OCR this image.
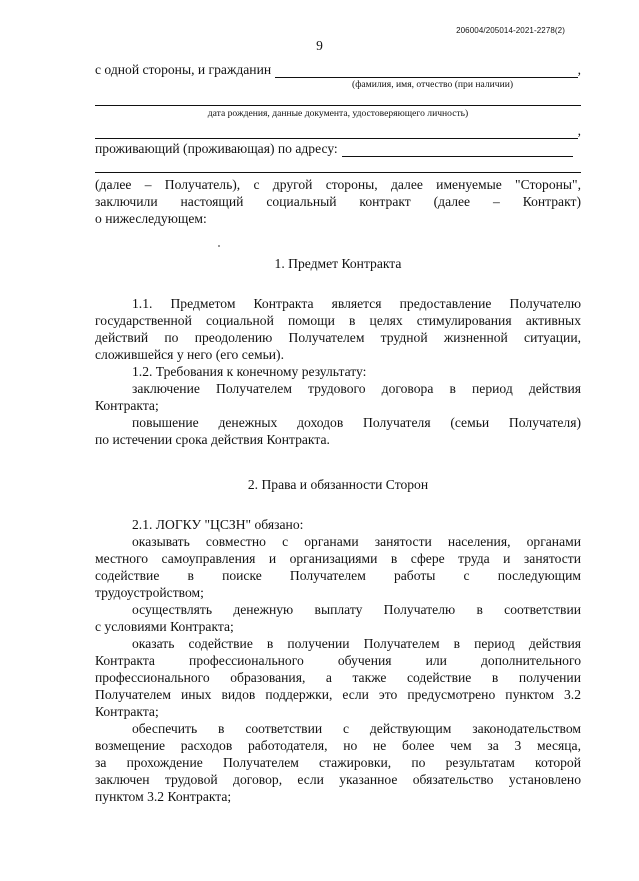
206004/205014-2021-2278(2)
9
с одной стороны, и гражданин	,
(фамилия, имя, отчество (при наличии)
дата рождения, данные документа, удостоверяющего личность)
,
проживающий (проживающая) по адресу:
(далее – Получатель), с другой стороны, далее именуемые "Стороны",
заключили настоящий социальный контракт (далее – Контракт)
о нижеследующем:
1. Предмет Контракта
1.1. Предметом Контракта является предоставление Получателю
государственной социальной помощи в целях стимулирования активных
действий по преодолению Получателем трудной жизненной ситуации,
сложившейся у него (его семьи).
1.2. Требования к конечному результату:
заключение Получателем трудового договора в период действия
Контракта;
повышение денежных доходов Получателя (семьи Получателя)
по истечении срока действия Контракта.
2. Права и обязанности Сторон
2.1. ЛОГКУ "ЦСЗН" обязано:
оказывать совместно с органами занятости населения, органами
местного самоуправления и организациями в сфере труда и занятости
содействие в поиске Получателем работы с последующим
трудоустройством;
осуществлять денежную выплату Получателю в соответствии
с условиями Контракта;
оказать содействие в получении Получателем в период действия
Контракта профессионального обучения или дополнительного
профессионального образования, а также содействие в получении
Получателем иных видов поддержки, если это предусмотрено пунктом 3.2
Контракта;
обеспечить в соответствии с действующим законодательством
возмещение расходов работодателя, но не более чем за 3 месяца,
за прохождение Получателем стажировки, по результатам которой
заключен трудовой договор, если указанное обязательство установлено
пунктом 3.2 Контракта;
